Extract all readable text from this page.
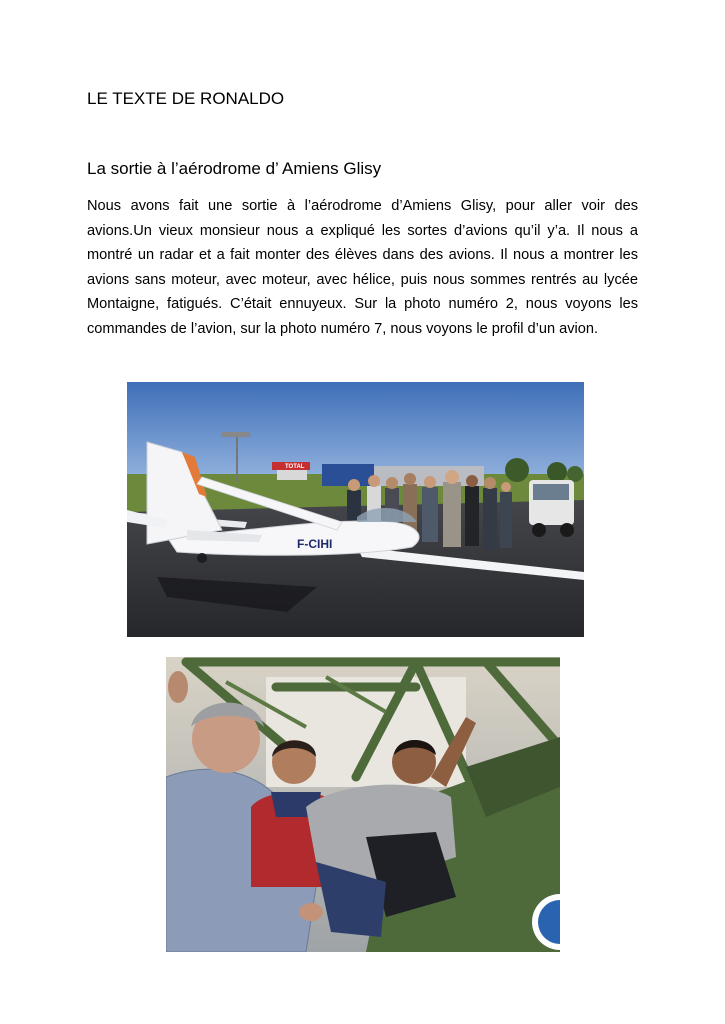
LE TEXTE DE RONALDO
La sortie à l’aérodrome d’ Amiens Glisy

Nous avons fait une sortie à l’aérodrome d’Amiens Glisy, pour aller voir des avions.Un vieux monsieur nous a expliqué les sortes d’avions qu’il y’a. Il nous a montré un radar et a fait monter des élèves dans des avions. Il nous a montrer les avions sans moteur, avec moteur, avec hélice, puis nous sommes rentrés au lycée Montaigne, fatigués. C’était ennuyeux. Sur la photo numéro 2, nous voyons les commandes de l’avion, sur la photo numéro 7, nous voyons le profil d’un avion.

F-CIHI
TOTAL
